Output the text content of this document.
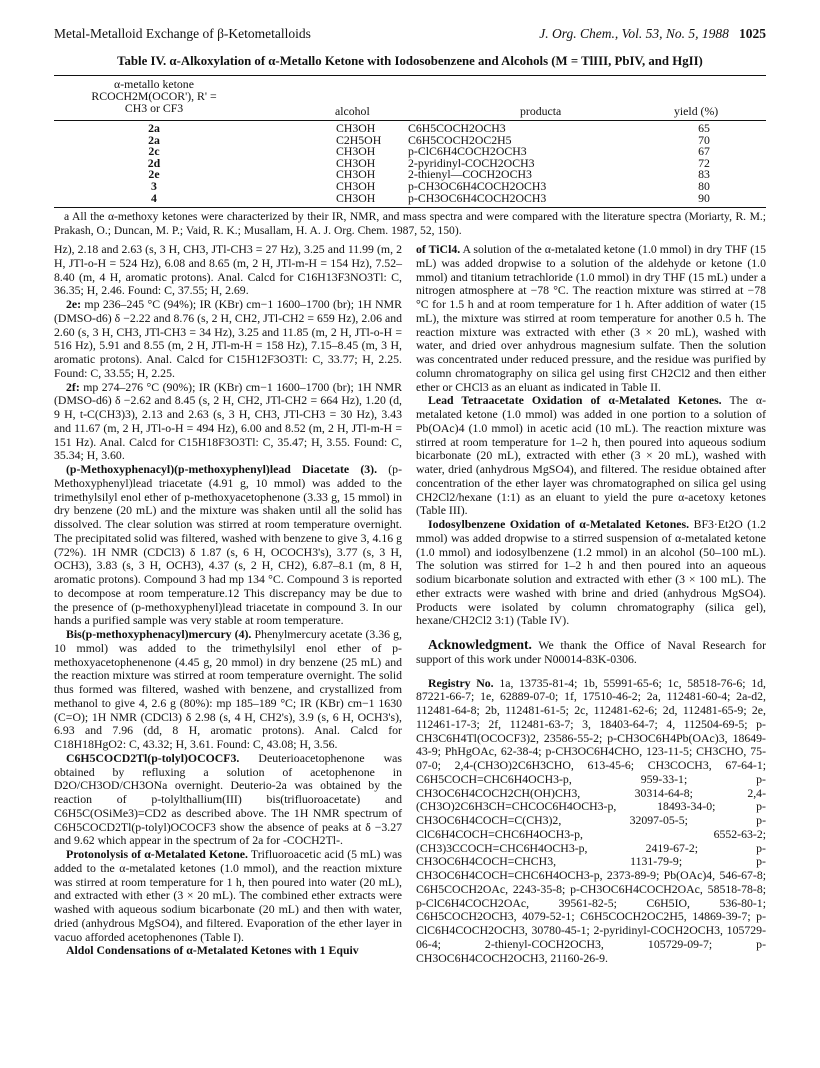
Metal-Metalloid Exchange of β-Ketometalloids	J. Org. Chem., Vol. 53, No. 5, 1988 1025
Table IV. α-Alkoxylation of α-Metallo Ketone with Iodosobenzene and Alcohols (M = TlIII, PbIV, and HgII)
α-metallo ketone
RCOCH2M(OCOR'), R' =
CH3 or CF3	alcohol	producta	yield (%)
2a	CH3OH	C6H5COCH2OCH3	65
2a	C2H5OH C6H5COCH2OC2H5	70
2c	CH3OH	p-ClC6H4COCH2OCH3	67
2d	CH3OH	2-pyridinyl-COCH2OCH3	72
2e	CH3OH	2-thienyl—COCH2OCH3	83
3	CH3OH	p-CH3OC6H4COCH2OCH3	80
4	CH3OH	p-CH3OC6H4COCH2OCH3	90
a All the α-methoxy ketones were characterized by their IR, NMR, and mass spectra and were compared with the literature spectra (Moriarty, R. M.; Prakash, O.; Duncan, M. P.; Vaid, R. K.; Musallam, H. A. J. Org. Chem. 1987, 52, 150).

Hz), 2.18 and 2.63 (s, 3 H, CH3, JTl-CH3 = 27 Hz), 3.25 and 11.99 (m, 2 H, JTl-o-H = 524 Hz), 6.08 and 8.65 (m, 2 H, JTl-m-H = 154 Hz), 7.52–8.40 (m, 4 H, aromatic protons). Anal. Calcd for C16H13F3NO3Tl: C, 36.35; H, 2.46. Found: C, 37.55; H, 2.69.

2e: mp 236–245 °C (94%); IR (KBr) cm−1 1600–1700 (br); 1H NMR (DMSO-d6) δ −2.22 and 8.76 (s, 2 H, CH2, JTl-CH2 = 659 Hz), 2.06 and 2.60 (s, 3 H, CH3, JTl-CH3 = 34 Hz), 3.25 and 11.85 (m, 2 H, JTl-o-H = 516 Hz), 5.91 and 8.55 (m, 2 H, JTl-m-H = 158 Hz), 7.15–8.45 (m, 3 H, aromatic protons). Anal. Calcd for C15H12F3O3Tl: C, 33.77; H, 2.25. Found: C, 33.55; H, 2.25.

2f: mp 274–276 °C (90%); IR (KBr) cm−1 1600–1700 (br); 1H NMR (DMSO-d6) δ −2.62 and 8.45 (s, 2 H, CH2, JTl-CH2 = 664 Hz), 1.20 (d, 9 H, t-C(CH3)3), 2.13 and 2.63 (s, 3 H, CH3, JTl-CH3 = 30 Hz), 3.43 and 11.67 (m, 2 H, JTl-o-H = 494 Hz), 6.00 and 8.52 (m, 2 H, JTl-m-H = 151 Hz). Anal. Calcd for C15H18F3O3Tl: C, 35.47; H, 3.55. Found: C, 35.34; H, 3.60.

(p-Methoxyphenacyl)(p-methoxyphenyl)lead Diacetate (3). (p-Methoxyphenyl)lead triacetate (4.91 g, 10 mmol) was added to the trimethylsilyl enol ether of p-methoxyacetophenone (3.33 g, 15 mmol) in dry benzene (20 mL) and the mixture was shaken until all the solid has dissolved. The clear solution was stirred at room temperature overnight. The precipitated solid was filtered, washed with benzene to give 3, 4.16 g (72%). 1H NMR (CDCl3) δ 1.87 (s, 6 H, OCOCH3's), 3.77 (s, 3 H, OCH3), 3.83 (s, 3 H, OCH3), 4.37 (s, 2 H, CH2), 6.87–8.1 (m, 8 H, aromatic protons). Compound 3 had mp 134 °C. Compound 3 is reported to decompose at room temperature.12 This discrepancy may be due to the presence of (p-methoxyphenyl)lead triacetate in compound 3. In our hands a purified sample was very stable at room temperature.

Bis(p-methoxyphenacyl)mercury (4). Phenylmercury acetate (3.36 g, 10 mmol) was added to the trimethylsilyl enol ether of p-methoxyacetophenenone (4.45 g, 20 mmol) in dry benzene (25 mL) and the reaction mixture was stirred at room temperature overnight. The solid thus formed was filtered, washed with benzene, and crystallized from methanol to give 4, 2.6 g (80%): mp 185–189 °C; IR (KBr) cm−1 1630 (C=O); 1H NMR (CDCl3) δ 2.98 (s, 4 H, CH2's), 3.9 (s, 6 H, OCH3's), 6.93 and 7.96 (dd, 8 H, aromatic protons). Anal. Calcd for C18H18HgO2: C, 43.32; H, 3.61. Found: C, 43.08; H, 3.56.

C6H5COCD2Tl(p-tolyl)OCOCF3. Deuterioacetophenone was obtained by refluxing a solution of acetophenone in D2O/CH3OD/CH3ONa overnight. Deuterio-2a was obtained by the reaction of p-tolylthallium(III) bis(trifluoroacetate) and C6H5C(OSiMe3)=CD2 as described above. The 1H NMR spectrum of C6H5COCD2Tl(p-tolyl)OCOCF3 show the absence of peaks at δ −3.27 and 9.62 which appear in the spectrum of 2a for -COCH2Tl-.

Protonolysis of α-Metalated Ketone. Trifluoroacetic acid (5 mL) was added to the α-metalated ketones (1.0 mmol), and the reaction mixture was stirred at room temperature for 1 h, then poured into water (20 mL), and extracted with ether (3 × 20 mL). The combined ether extracts were washed with aqueous sodium bicarbonate (20 mL) and then with water, dried (anhydrous MgSO4), and filtered. Evaporation of the ether layer in vacuo afforded acetophenones (Table I).

Aldol Condensations of α-Metalated Ketones with 1 Equiv

of TiCl4. A solution of the α-metalated ketone (1.0 mmol) in dry THF (15 mL) was added dropwise to a solution of the aldehyde or ketone (1.0 mmol) and titanium tetrachloride (1.0 mmol) in dry THF (15 mL) under a nitrogen atmosphere at −78 °C. The reaction mixture was stirred at −78 °C for 1.5 h and at room temperature for 1 h. After addition of water (15 mL), the mixture was stirred at room temperature for another 0.5 h. The reaction mixture was extracted with ether (3 × 20 mL), washed with water, and dried over anhydrous magnesium sulfate. Then the solution was concentrated under reduced pressure, and the residue was purified by column chromatography on silica gel using first CH2Cl2 and then either ether or CHCl3 as an eluant as indicated in Table II.

Lead Tetraacetate Oxidation of α-Metalated Ketones. The α-metalated ketone (1.0 mmol) was added in one portion to a solution of Pb(OAc)4 (1.0 mmol) in acetic acid (10 mL). The reaction mixture was stirred at room temperature for 1–2 h, then poured into aqueous sodium bicarbonate (20 mL), extracted with ether (3 × 20 mL), washed with water, dried (anhydrous MgSO4), and filtered. The residue obtained after concentration of the ether layer was chromatographed on silica gel using CH2Cl2/hexane (1:1) as an eluant to yield the pure α-acetoxy ketones (Table III).

Iodosylbenzene Oxidation of α-Metalated Ketones. BF3·Et2O (1.2 mmol) was added dropwise to a stirred suspension of α-metalated ketone (1.0 mmol) and iodosylbenzene (1.2 mmol) in an alcohol (50–100 mL). The solution was stirred for 1–2 h and then poured into an aqueous sodium bicarbonate solution and extracted with ether (3 × 100 mL). The ether extracts were washed with brine and dried (anhydrous MgSO4). Products were isolated by column chromatography (silica gel), hexane/CH2Cl2 3:1) (Table IV).

Acknowledgment. We thank the Office of Naval Research for support of this work under N00014-83K-0306.

Registry No. 1a, 13735-81-4; 1b, 55991-65-6; 1c, 58518-76-6; 1d, 87221-66-7; 1e, 62889-07-0; 1f, 17510-46-2; 2a, 112481-60-4; 2a-d2, 112481-64-8; 2b, 112481-61-5; 2c, 112481-62-6; 2d, 112481-65-9; 2e, 112461-17-3; 2f, 112481-63-7; 3, 18403-64-7; 4, 112504-69-5; p-CH3C6H4Tl(OCOCF3)2, 23586-55-2; p-CH3OC6H4Pb(OAc)3, 18649-43-9; PhHgOAc, 62-38-4; p-CH3OC6H4CHO, 123-11-5; CH3CHO, 75-07-0; 2,4-(CH3O)2C6H3CHO, 613-45-6; CH3COCH3, 67-64-1; C6H5COCH=CHC6H4OCH3-p, 959-33-1; p-CH3OC6H4COCH2CH(OH)CH3, 30314-64-8; 2,4-(CH3O)2C6H3CH=CHCOC6H4OCH3-p, 18493-34-0; p-CH3OC6H4COCH=C(CH3)2, 32097-05-5; p-ClC6H4COCH=CHC6H4OCH3-p, 6552-63-2; (CH3)3CCOCH=CHC6H4OCH3-p, 2419-67-2; p-CH3OC6H4COCH=CHCH3, 1131-79-9; p-CH3OC6H4COCH=CHC6H4OCH3-p, 2373-89-9; Pb(OAc)4, 546-67-8; C6H5COCH2OAc, 2243-35-8; p-CH3OC6H4COCH2OAc, 58518-78-8; p-ClC6H4COCH2OAc, 39561-82-5; C6H5IO, 536-80-1; C6H5COCH2OCH3, 4079-52-1; C6H5COCH2OC2H5, 14869-39-7; p-ClC6H4COCH2OCH3, 30780-45-1; 2-pyridinyl-COCH2OCH3, 105729-06-4; 2-thienyl-COCH2OCH3, 105729-09-7; p-CH3OC6H4COCH2OCH3, 21160-26-9.
